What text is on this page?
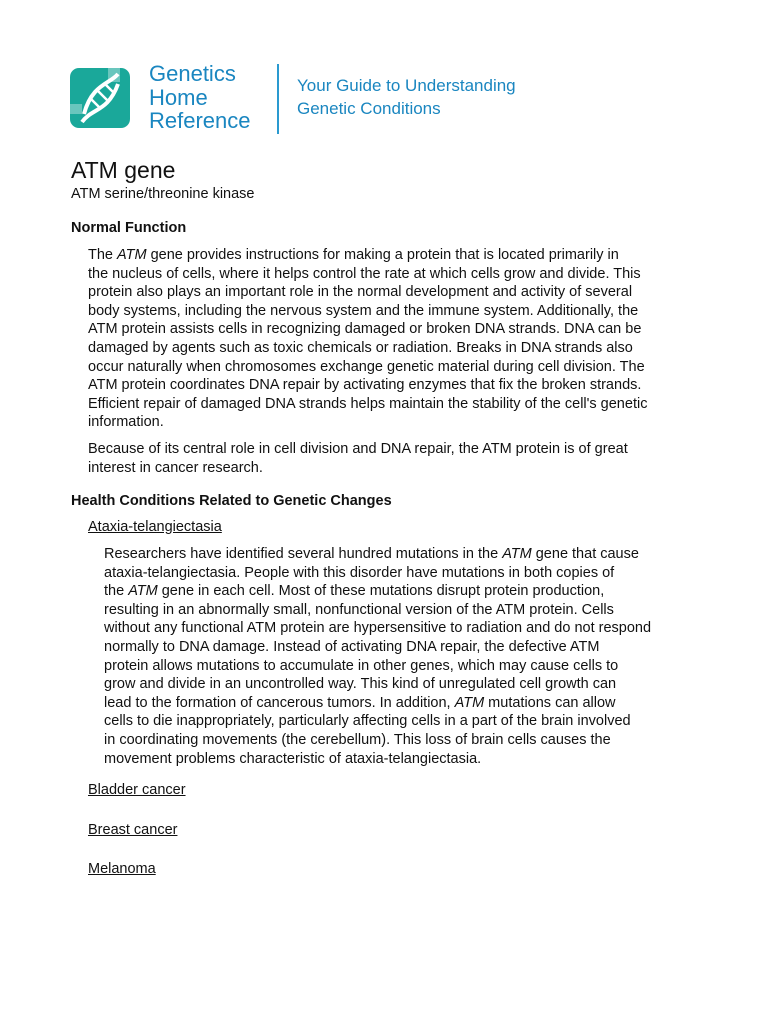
Genetics
Home
Reference
Your Guide to Understanding
Genetic Conditions
ATM gene
ATM serine/threonine kinase
Normal Function
The ATM gene provides instructions for making a protein that is located primarily in
the nucleus of cells, where it helps control the rate at which cells grow and divide. This
protein also plays an important role in the normal development and activity of several
body systems, including the nervous system and the immune system. Additionally, the
ATM protein assists cells in recognizing damaged or broken DNA strands. DNA can be
damaged by agents such as toxic chemicals or radiation. Breaks in DNA strands also
occur naturally when chromosomes exchange genetic material during cell division. The
ATM protein coordinates DNA repair by activating enzymes that fix the broken strands.
Efficient repair of damaged DNA strands helps maintain the stability of the cell's genetic
information.
Because of its central role in cell division and DNA repair, the ATM protein is of great
interest in cancer research.
Health Conditions Related to Genetic Changes
Ataxia-telangiectasia
Researchers have identified several hundred mutations in the ATM gene that cause
ataxia-telangiectasia. People with this disorder have mutations in both copies of
the ATM gene in each cell. Most of these mutations disrupt protein production,
resulting in an abnormally small, nonfunctional version of the ATM protein. Cells
without any functional ATM protein are hypersensitive to radiation and do not respond
normally to DNA damage. Instead of activating DNA repair, the defective ATM
protein allows mutations to accumulate in other genes, which may cause cells to
grow and divide in an uncontrolled way. This kind of unregulated cell growth can
lead to the formation of cancerous tumors. In addition, ATM mutations can allow
cells to die inappropriately, particularly affecting cells in a part of the brain involved
in coordinating movements (the cerebellum). This loss of brain cells causes the
movement problems characteristic of ataxia-telangiectasia.
Bladder cancer
Breast cancer
Melanoma
